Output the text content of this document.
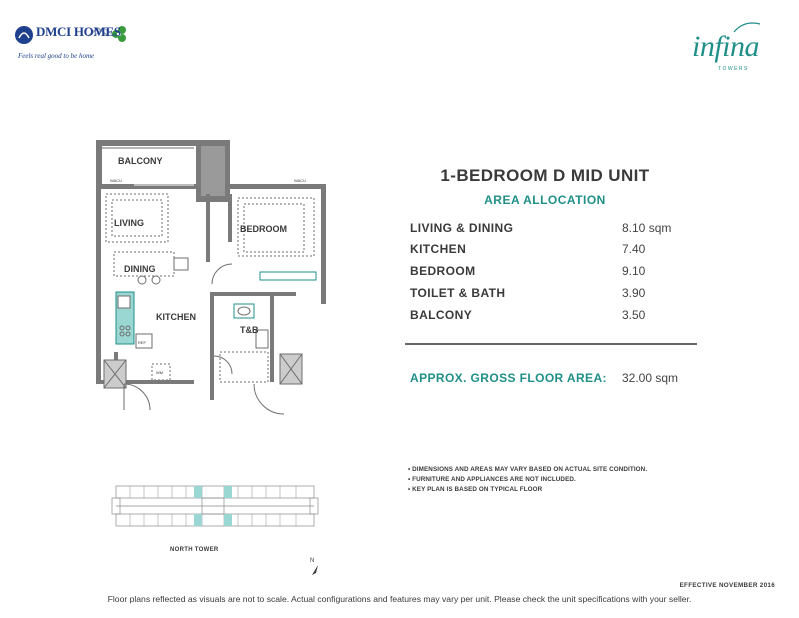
DMCI HOMES
Feels real good to be home	infina
TOWERS
BALCONY
WACU	WACU
LIVING
DINING
BEDROOM
KITCHEN
T&B
REF
WM
NORTH TOWER
N
1-BEDROOM D MID UNIT
AREA ALLOCATION
LIVING & DINING	8.10 sqm
KITCHEN	7.40
BEDROOM	9.10
TOILET & BATH	3.90
BALCONY	3.50
APPROX. GROSS FLOOR AREA: 32.00 sqm
• DIMENSIONS AND AREAS MAY VARY BASED ON ACTUAL SITE CONDITION.
• FURNITURE AND APPLIANCES ARE NOT INCLUDED.
• KEY PLAN IS BASED ON TYPICAL FLOOR
EFFECTIVE NOVEMBER 2016
Floor plans reflected as visuals are not to scale. Actual configurations and features may vary per unit. Please check the unit specifications with your seller.
